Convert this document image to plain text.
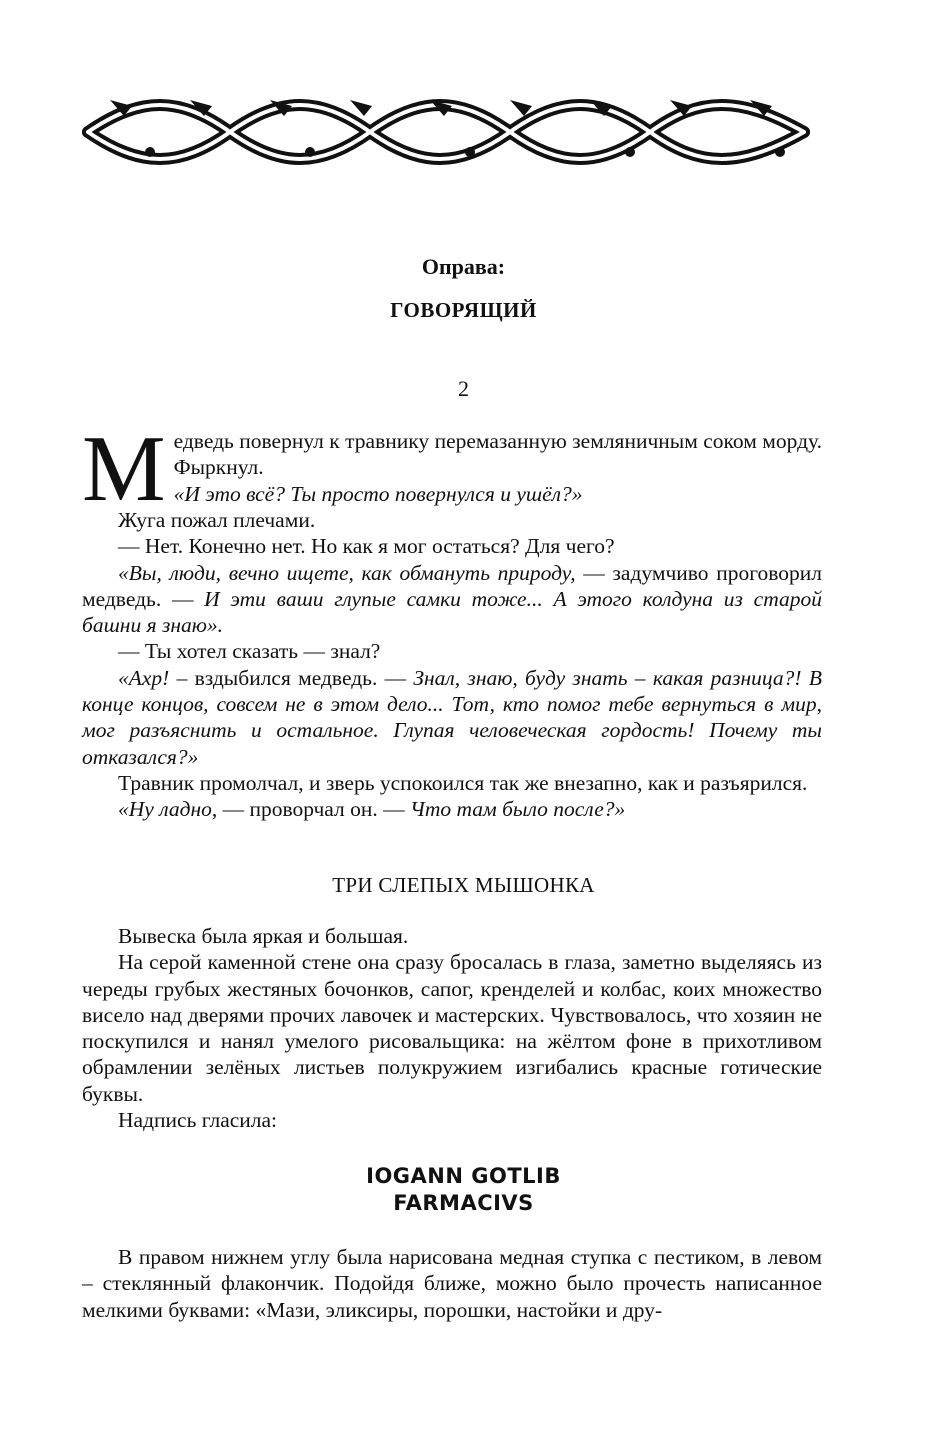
Оправа:
ГОВОРЯЩИЙ
2

Медведь повернул к травнику перемазанную земляничным соком морду. Фыркнул.

«И это всё? Ты просто повернулся и ушёл?»

Жуга пожал плечами.

— Нет. Конечно нет. Но как я мог остаться? Для чего?

«Вы, люди, вечно ищете, как обмануть природу, — задумчиво проговорил медведь. — И эти ваши глупые самки тоже... А этого колдуна из старой башни я знаю».

— Ты хотел сказать — знал?

«Ахр! – вздыбился медведь. — Знал, знаю, буду знать – какая разница?! В конце концов, совсем не в этом дело... Тот, кто помог тебе вернуться в мир, мог разъяснить и остальное. Глупая человеческая гордость! Почему ты отказался?»

Травник промолчал, и зверь успокоился так же внезапно, как и разъярился.

«Ну ладно, — проворчал он. — Что там было после?»

ТРИ СЛЕПЫХ МЫШОНКА

Вывеска была яркая и большая.

На серой каменной стене она сразу бросалась в глаза, заметно выделяясь из череды грубых жестяных бочонков, сапог, кренделей и колбас, коих множество висело над дверями прочих лавочек и мастерских. Чувствовалось, что хозяин не поскупился и нанял умелого рисовальщика: на жёлтом фоне в прихотливом обрамлении зелёных листьев полукружием изгибались красные готические буквы.

Надпись гласила:

IOGANN GOTLIB
FARMACIVS

В правом нижнем углу была нарисована медная ступка с пестиком, в левом – стеклянный флакончик. Подойдя ближе, можно было прочесть написанное мелкими буквами: «Мази, эликсиры, порошки, настойки и дру-
